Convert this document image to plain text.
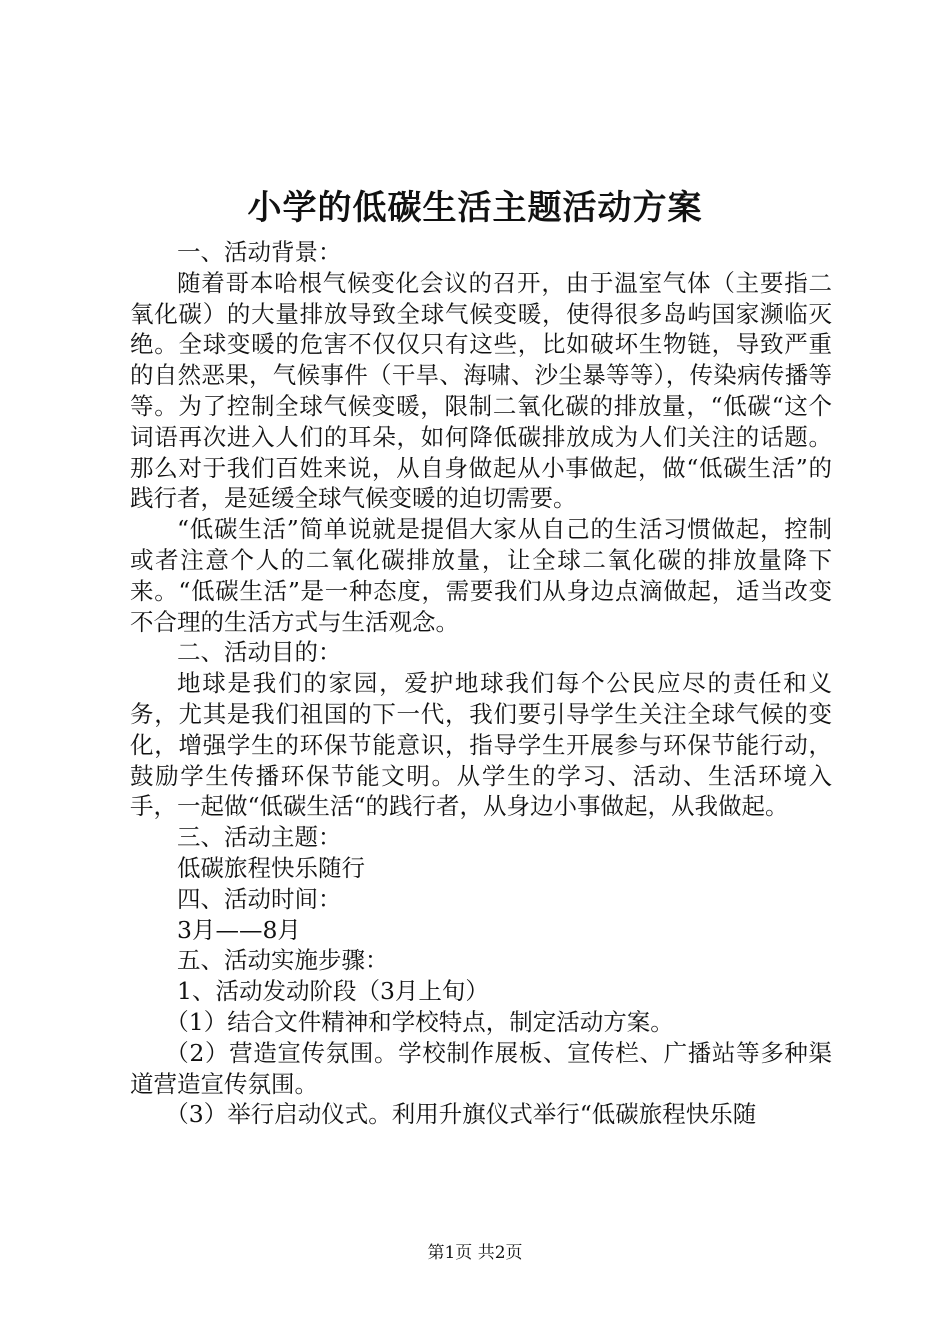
小学的低碳生活主题活动方案

一、活动背景：

随着哥本哈根气候变化会议的召开，由于温室气体（主要指二氧化碳）的大量排放导致全球气候变暖，使得很多岛屿国家濒临灭绝。全球变暖的危害不仅仅只有这些，比如破坏生物链，导致严重的自然恶果，气候事件（干旱、海啸、沙尘暴等等），传染病传播等等。为了控制全球气候变暖，限制二氧化碳的排放量，“低碳“这个词语再次进入人们的耳朵，如何降低碳排放成为人们关注的话题。那么对于我们百姓来说，从自身做起从小事做起，做“低碳生活”的践行者，是延缓全球气候变暖的迫切需要。

“低碳生活”简单说就是提倡大家从自己的生活习惯做起，控制或者注意个人的二氧化碳排放量，让全球二氧化碳的排放量降下来。“低碳生活”是一种态度，需要我们从身边点滴做起，适当改变不合理的生活方式与生活观念。

二、活动目的：

地球是我们的家园，爱护地球我们每个公民应尽的责任和义务，尤其是我们祖国的下一代，我们要引导学生关注全球气候的变化，增强学生的环保节能意识，指导学生开展参与环保节能行动，鼓励学生传播环保节能文明。从学生的学习、活动、生活环境入手，一起做“低碳生活“的践行者，从身边小事做起，从我做起。

三、活动主题：

低碳旅程快乐随行

四、活动时间：

3月——8月

五、活动实施步骤：

1、活动发动阶段（3月上旬）

（1）结合文件精神和学校特点，制定活动方案。

（2）营造宣传氛围。学校制作展板、宣传栏、广播站等多种渠道营造宣传氛围。

（3）举行启动仪式。利用升旗仪式举行“低碳旅程快乐随

第1页 共2页
